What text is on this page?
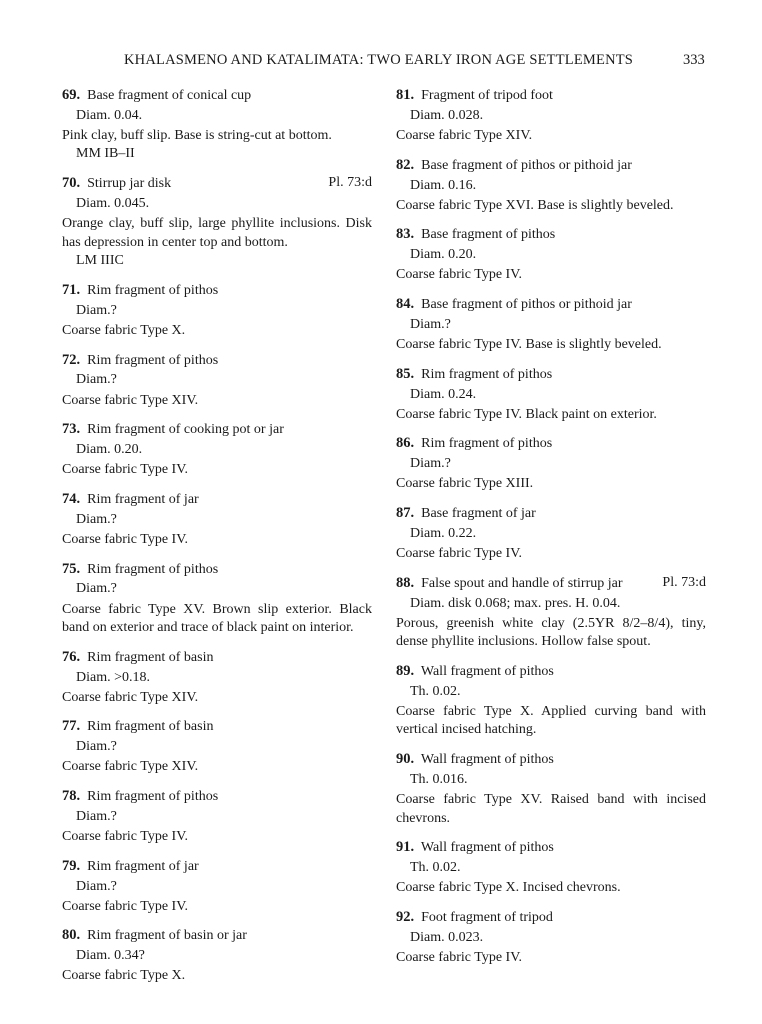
KHALASMENO AND KATALIMATA: TWO EARLY IRON AGE SETTLEMENTS	333
69. Base fragment of conical cup
Diam. 0.04.
Pink clay, buff slip. Base is string-cut at bottom.
MM IB–II
70. Stirrup jar disk	Pl. 73:d
Diam. 0.045.
Orange clay, buff slip, large phyllite inclusions. Disk has depression in center top and bottom.
LM IIIC
71. Rim fragment of pithos
Diam.?
Coarse fabric Type X.
72. Rim fragment of pithos
Diam.?
Coarse fabric Type XIV.
73. Rim fragment of cooking pot or jar
Diam. 0.20.
Coarse fabric Type IV.
74. Rim fragment of jar
Diam.?
Coarse fabric Type IV.
75. Rim fragment of pithos
Diam.?
Coarse fabric Type XV. Brown slip exterior. Black band on exterior and trace of black paint on interior.
76. Rim fragment of basin
Diam. >0.18.
Coarse fabric Type XIV.
77. Rim fragment of basin
Diam.?
Coarse fabric Type XIV.
78. Rim fragment of pithos
Diam.?
Coarse fabric Type IV.
79. Rim fragment of jar
Diam.?
Coarse fabric Type IV.
80. Rim fragment of basin or jar
Diam. 0.34?
Coarse fabric Type X.
81. Fragment of tripod foot
Diam. 0.028.
Coarse fabric Type XIV.
82. Base fragment of pithos or pithoid jar
Diam. 0.16.
Coarse fabric Type XVI. Base is slightly beveled.
83. Base fragment of pithos
Diam. 0.20.
Coarse fabric Type IV.
84. Base fragment of pithos or pithoid jar
Diam.?
Coarse fabric Type IV. Base is slightly beveled.
85. Rim fragment of pithos
Diam. 0.24.
Coarse fabric Type IV. Black paint on exterior.
86. Rim fragment of pithos
Diam.?
Coarse fabric Type XIII.
87. Base fragment of jar
Diam. 0.22.
Coarse fabric Type IV.
88. False spout and handle of stirrup jar	Pl. 73:d
Diam. disk 0.068; max. pres. H. 0.04.
Porous, greenish white clay (2.5YR 8/2–8/4), tiny, dense phyllite inclusions. Hollow false spout.
89. Wall fragment of pithos
Th. 0.02.
Coarse fabric Type X. Applied curving band with vertical incised hatching.
90. Wall fragment of pithos
Th. 0.016.
Coarse fabric Type XV. Raised band with incised chevrons.
91. Wall fragment of pithos
Th. 0.02.
Coarse fabric Type X. Incised chevrons.
92. Foot fragment of tripod
Diam. 0.023.
Coarse fabric Type IV.
